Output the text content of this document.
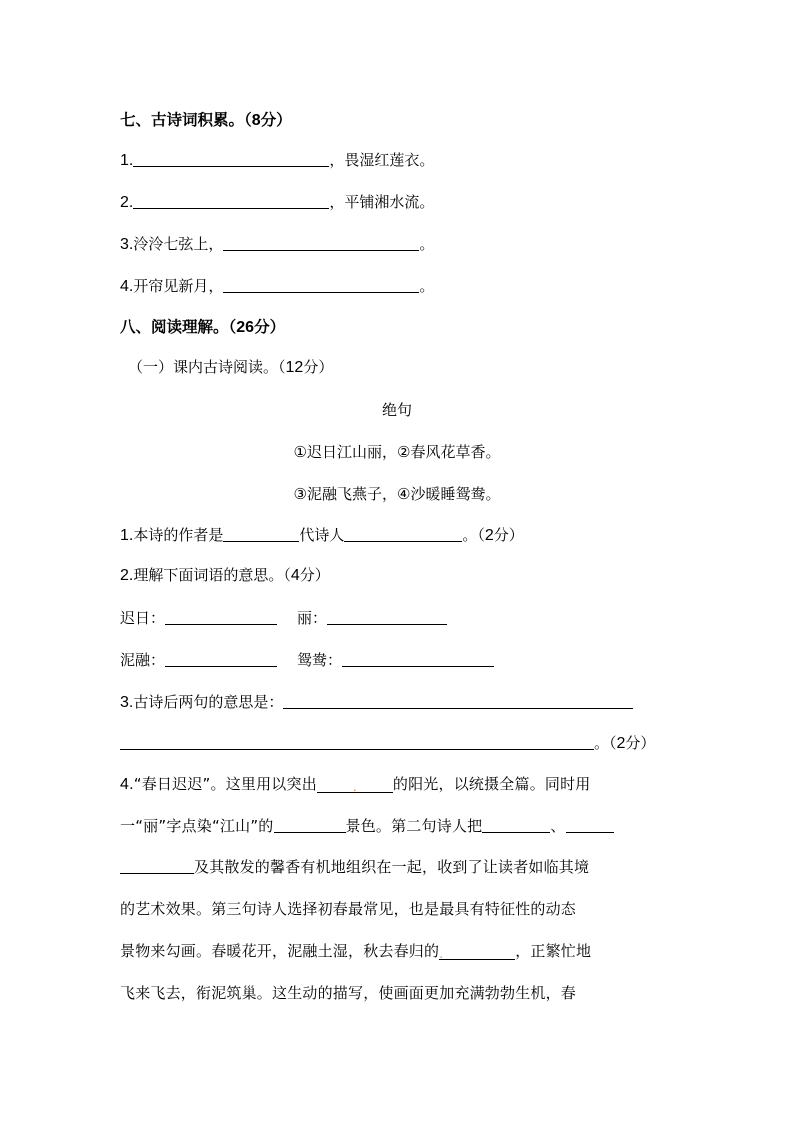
七、古诗词积累。（8分）
1.	，畏湿红莲衣。
2.	，平铺湘水流。
3.泠泠七弦上，	。
4.开帘见新月，	。
八、阅读理解。（26分）
（一）课内古诗阅读。（12分）
绝句
①迟日江山丽，②春风花草香。
③泥融飞燕子，④沙暖睡鸳鸯。
1.本诗的作者是	代诗人	。（2分）
2.理解下面词语的意思。（4分）
迟日：	丽：
泥融：	鸳鸯：
3.古诗后两句的意思是：
。（2分）
4.“春日迟迟”。这里用以突出	. 的阳光，以统摄全篇。同时用
一“丽”字点染“江山”的	景色。第二句诗人把	、
及其散发的馨香有机地组织在一起，收到了让读者如临其境
的艺术效果。第三句诗人选择初春最常见，也是最具有特征性的动态
景物来勾画。春暖花开，泥融土湿，秋去春归的.	，正繁忙地
飞来飞去，衔泥筑巢。这生动的描写，使画面更加充满勃勃生机，春
